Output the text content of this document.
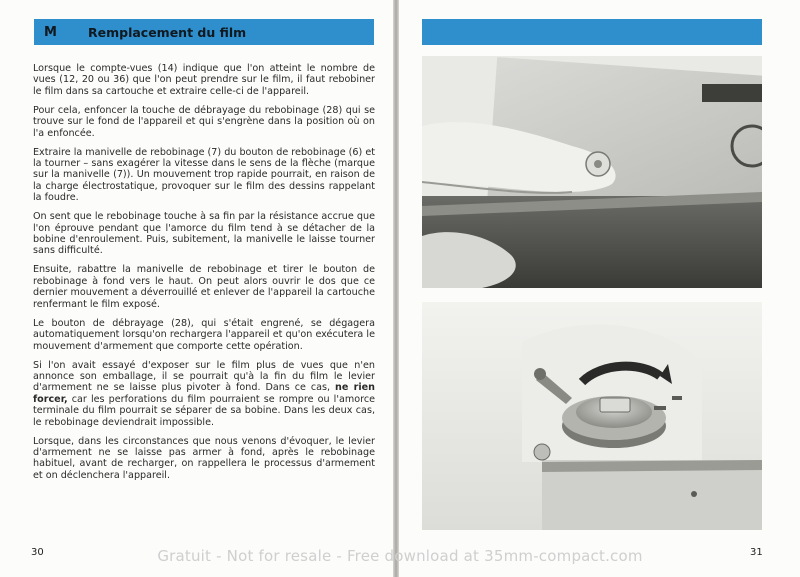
M	Remplacement du film

Lorsque le compte-vues (14) indique que l'on atteint le nombre de vues (12, 20 ou 36) que l'on peut prendre sur le film, il faut rebobiner le film dans sa cartouche et extraire celle-ci de l'appareil.

Pour cela, enfoncer la touche de débrayage du rebobinage (28) qui se trouve sur le fond de l'appareil et qui s'engrène dans la position où on l'a enfoncée.

Extraire la manivelle de rebobinage (7) du bouton de rebobinage (6) et la tourner – sans exagérer la vitesse dans le sens de la flèche (marque sur la manivelle (7)). Un mouvement trop rapide pourrait, en raison de la charge électrostatique, provoquer sur le film des dessins rappelant la foudre.

On sent que le rebobinage touche à sa fin par la résistance accrue que l'on éprouve pendant que l'amorce du film tend à se détacher de la bobine d'enroulement. Puis, subitement, la manivelle le laisse tourner sans difficulté.

Ensuite, rabattre la manivelle de rebobinage et tirer le bouton de rebobinage à fond vers le haut. On peut alors ouvrir le dos que ce dernier mouvement a déverrouillé et enlever de l'appareil la cartouche renfermant le film exposé.

Le bouton de débrayage (28), qui s'était engrené, se dégagera automatiquement lorsqu'on rechargera l'appareil et qu'on exécutera le mouvement d'armement que comporte cette opération.

Si l'on avait essayé d'exposer sur le film plus de vues que n'en annonce son emballage, il se pourrait qu'à la fin du film le levier d'armement ne se laisse plus pivoter à fond. Dans ce cas, ne rien forcer, car les perforations du film pourraient se rompre ou l'amorce terminale du film pourrait se séparer de sa bobine. Dans les deux cas, le rebobinage deviendrait impossible.

Lorsque, dans les circonstances que nous venons d'évoquer, le levier d'armement ne se laisse pas armer à fond, après le rebobinage habituel, avant de recharger, on rappellera le processus d'armement et on déclenchera l'appareil.

30	31
Gratuit - Not for resale - Free download at 35mm-compact.com
